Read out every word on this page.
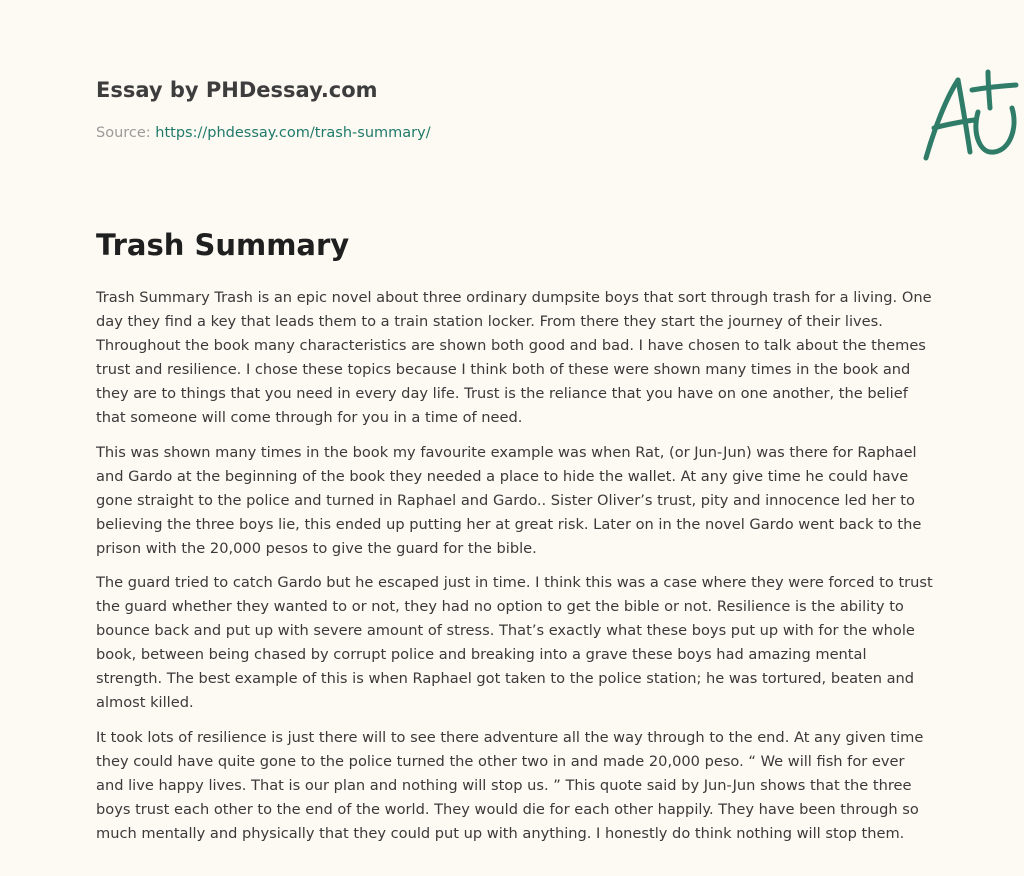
Essay by PHDessay.com
Source: https://phdessay.com/trash-summary/
Trash Summary

Trash Summary Trash is an epic novel about three ordinary dumpsite boys that sort through trash for a living. One day they find a key that leads them to a train station locker. From there they start the journey of their lives. Throughout the book many characteristics are shown both good and bad. I have chosen to talk about the themes trust and resilience. I chose these topics because I think both of these were shown many times in the book and they are to things that you need in every day life. Trust is the reliance that you have on one another, the belief that someone will come through for you in a time of need.

This was shown many times in the book my favourite example was when Rat, (or Jun-Jun) was there for Raphael and Gardo at the beginning of the book they needed a place to hide the wallet. At any give time he could have gone straight to the police and turned in Raphael and Gardo.. Sister Oliver’s trust, pity and innocence led her to believing the three boys lie, this ended up putting her at great risk. Later on in the novel Gardo went back to the prison with the 20,000 pesos to give the guard for the bible.

The guard tried to catch Gardo but he escaped just in time. I think this was a case where they were forced to trust the guard whether they wanted to or not, they had no option to get the bible or not. Resilience is the ability to bounce back and put up with severe amount of stress. That’s exactly what these boys put up with for the whole book, between being chased by corrupt police and breaking into a grave these boys had amazing mental strength. The best example of this is when Raphael got taken to the police station; he was tortured, beaten and almost killed.

It took lots of resilience is just there will to see there adventure all the way through to the end. At any given time they could have quite gone to the police turned the other two in and made 20,000 peso. “ We will fish for ever and live happy lives. That is our plan and nothing will stop us. ” This quote said by Jun-Jun shows that the three boys trust each other to the end of the world. They would die for each other happily. They have been through so much mentally and physically that they could put up with anything. I honestly do think nothing will stop them.
